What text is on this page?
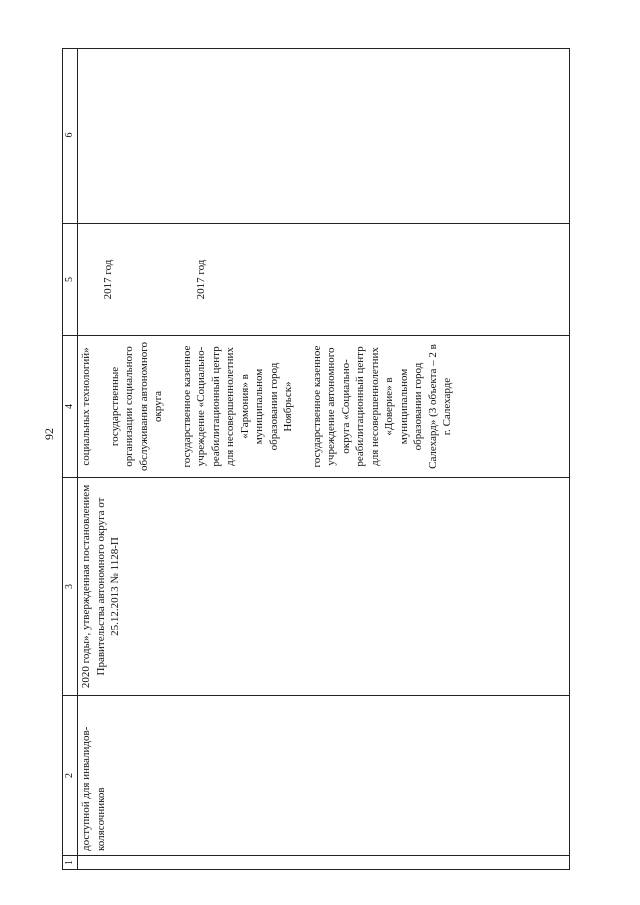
92
1
2
3
4
5
6
доступной для инвалидов-колясочников
2020 годы», утвержденная постановлением Правительства автономного округа от 25.12.2013 № 1128-П
социальных технологий» государственные организации социального обслуживания автономного округа государственное казенное учреждение «Социально-реабилитационный центр для несовершеннолетних «Гармония» в муниципальном образовании город Ноябрьск» государственное казенное учреждение автономного округа «Социально-реабилитационный центр для несовершеннолетних «Доверие» в муниципальном образовании город Салехард» (3 объекта – 2 в г. Салехарде
2017 год	2017 год
